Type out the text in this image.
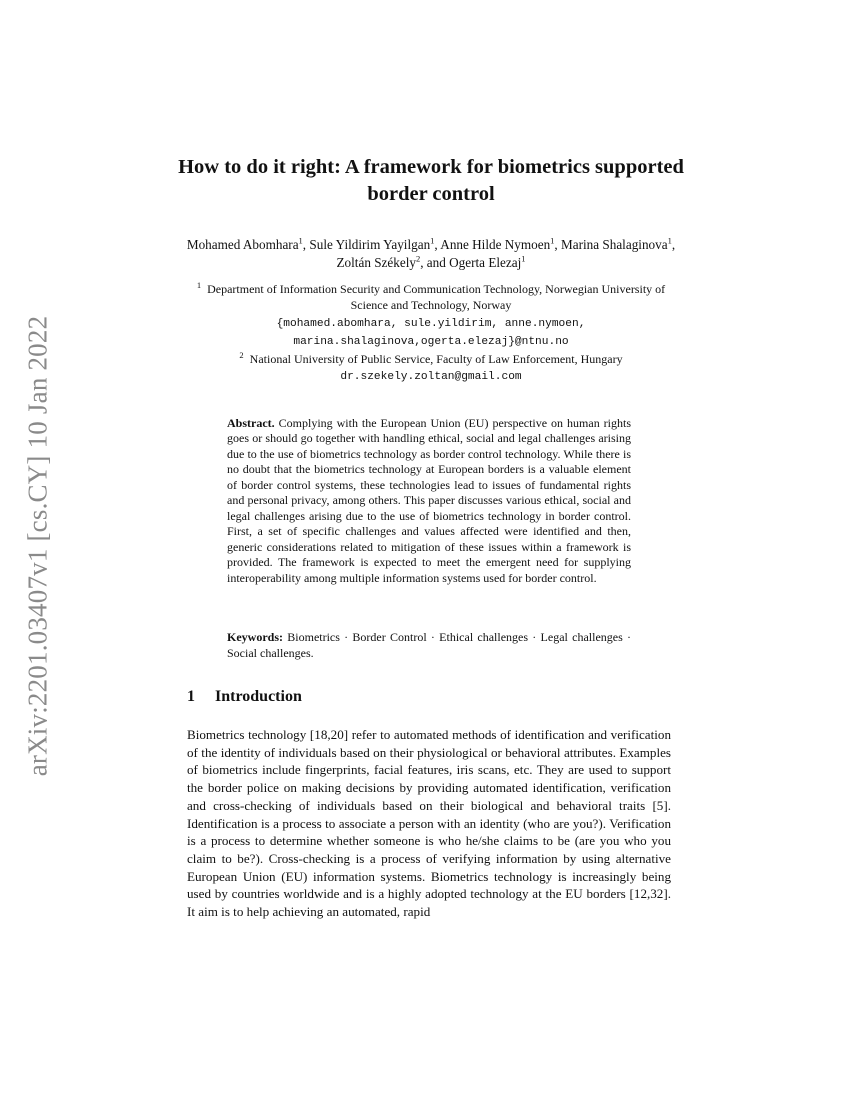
arXiv:2201.03407v1 [cs.CY] 10 Jan 2022
How to do it right: A framework for biometrics supported border control
Mohamed Abomhara$^1$, Sule Yildirim Yayilgan$^1$, Anne Hilde Nymoen$^1$, Marina Shalaginova$^1$, Zoltán Székely$^2$, and Ogerta Elezaj$^1$
$^1$ Department of Information Security and Communication Technology, Norwegian University of Science and Technology, Norway
{mohamed.abomhara, sule.yildirim, anne.nymoen, marina.shalaginova,ogerta.elezaj}@ntnu.no
$^2$ National University of Public Service, Faculty of Law Enforcement, Hungary
dr.szekely.zoltan@gmail.com
Abstract. Complying with the European Union (EU) perspective on human rights goes or should go together with handling ethical, social and legal challenges arising due to the use of biometrics technology as border control technology. While there is no doubt that the biometrics technology at European borders is a valuable element of border control systems, these technologies lead to issues of fundamental rights and personal privacy, among others. This paper discusses various ethical, social and legal challenges arising due to the use of biometrics technology in border control. First, a set of specific challenges and values affected were identified and then, generic considerations related to mitigation of these issues within a framework is provided. The framework is expected to meet the emergent need for supplying interoperability among multiple information systems used for border control.
Keywords: Biometrics · Border Control · Ethical challenges · Legal challenges · Social challenges.
1 Introduction

Biometrics technology [18,20] refer to automated methods of identification and verification of the identity of individuals based on their physiological or behavioral attributes. Examples of biometrics include fingerprints, facial features, iris scans, etc. They are used to support the border police on making decisions by providing automated identification, verification and cross-checking of individuals based on their biological and behavioral traits [5]. Identification is a process to associate a person with an identity (who are you?). Verification is a process to determine whether someone is who he/she claims to be (are you who you claim to be?). Cross-checking is a process of verifying information by using alternative European Union (EU) information systems. Biometrics technology is increasingly being used by countries worldwide and is a highly adopted technology at the EU borders [12,32]. It aim is to help achieving an automated, rapid
